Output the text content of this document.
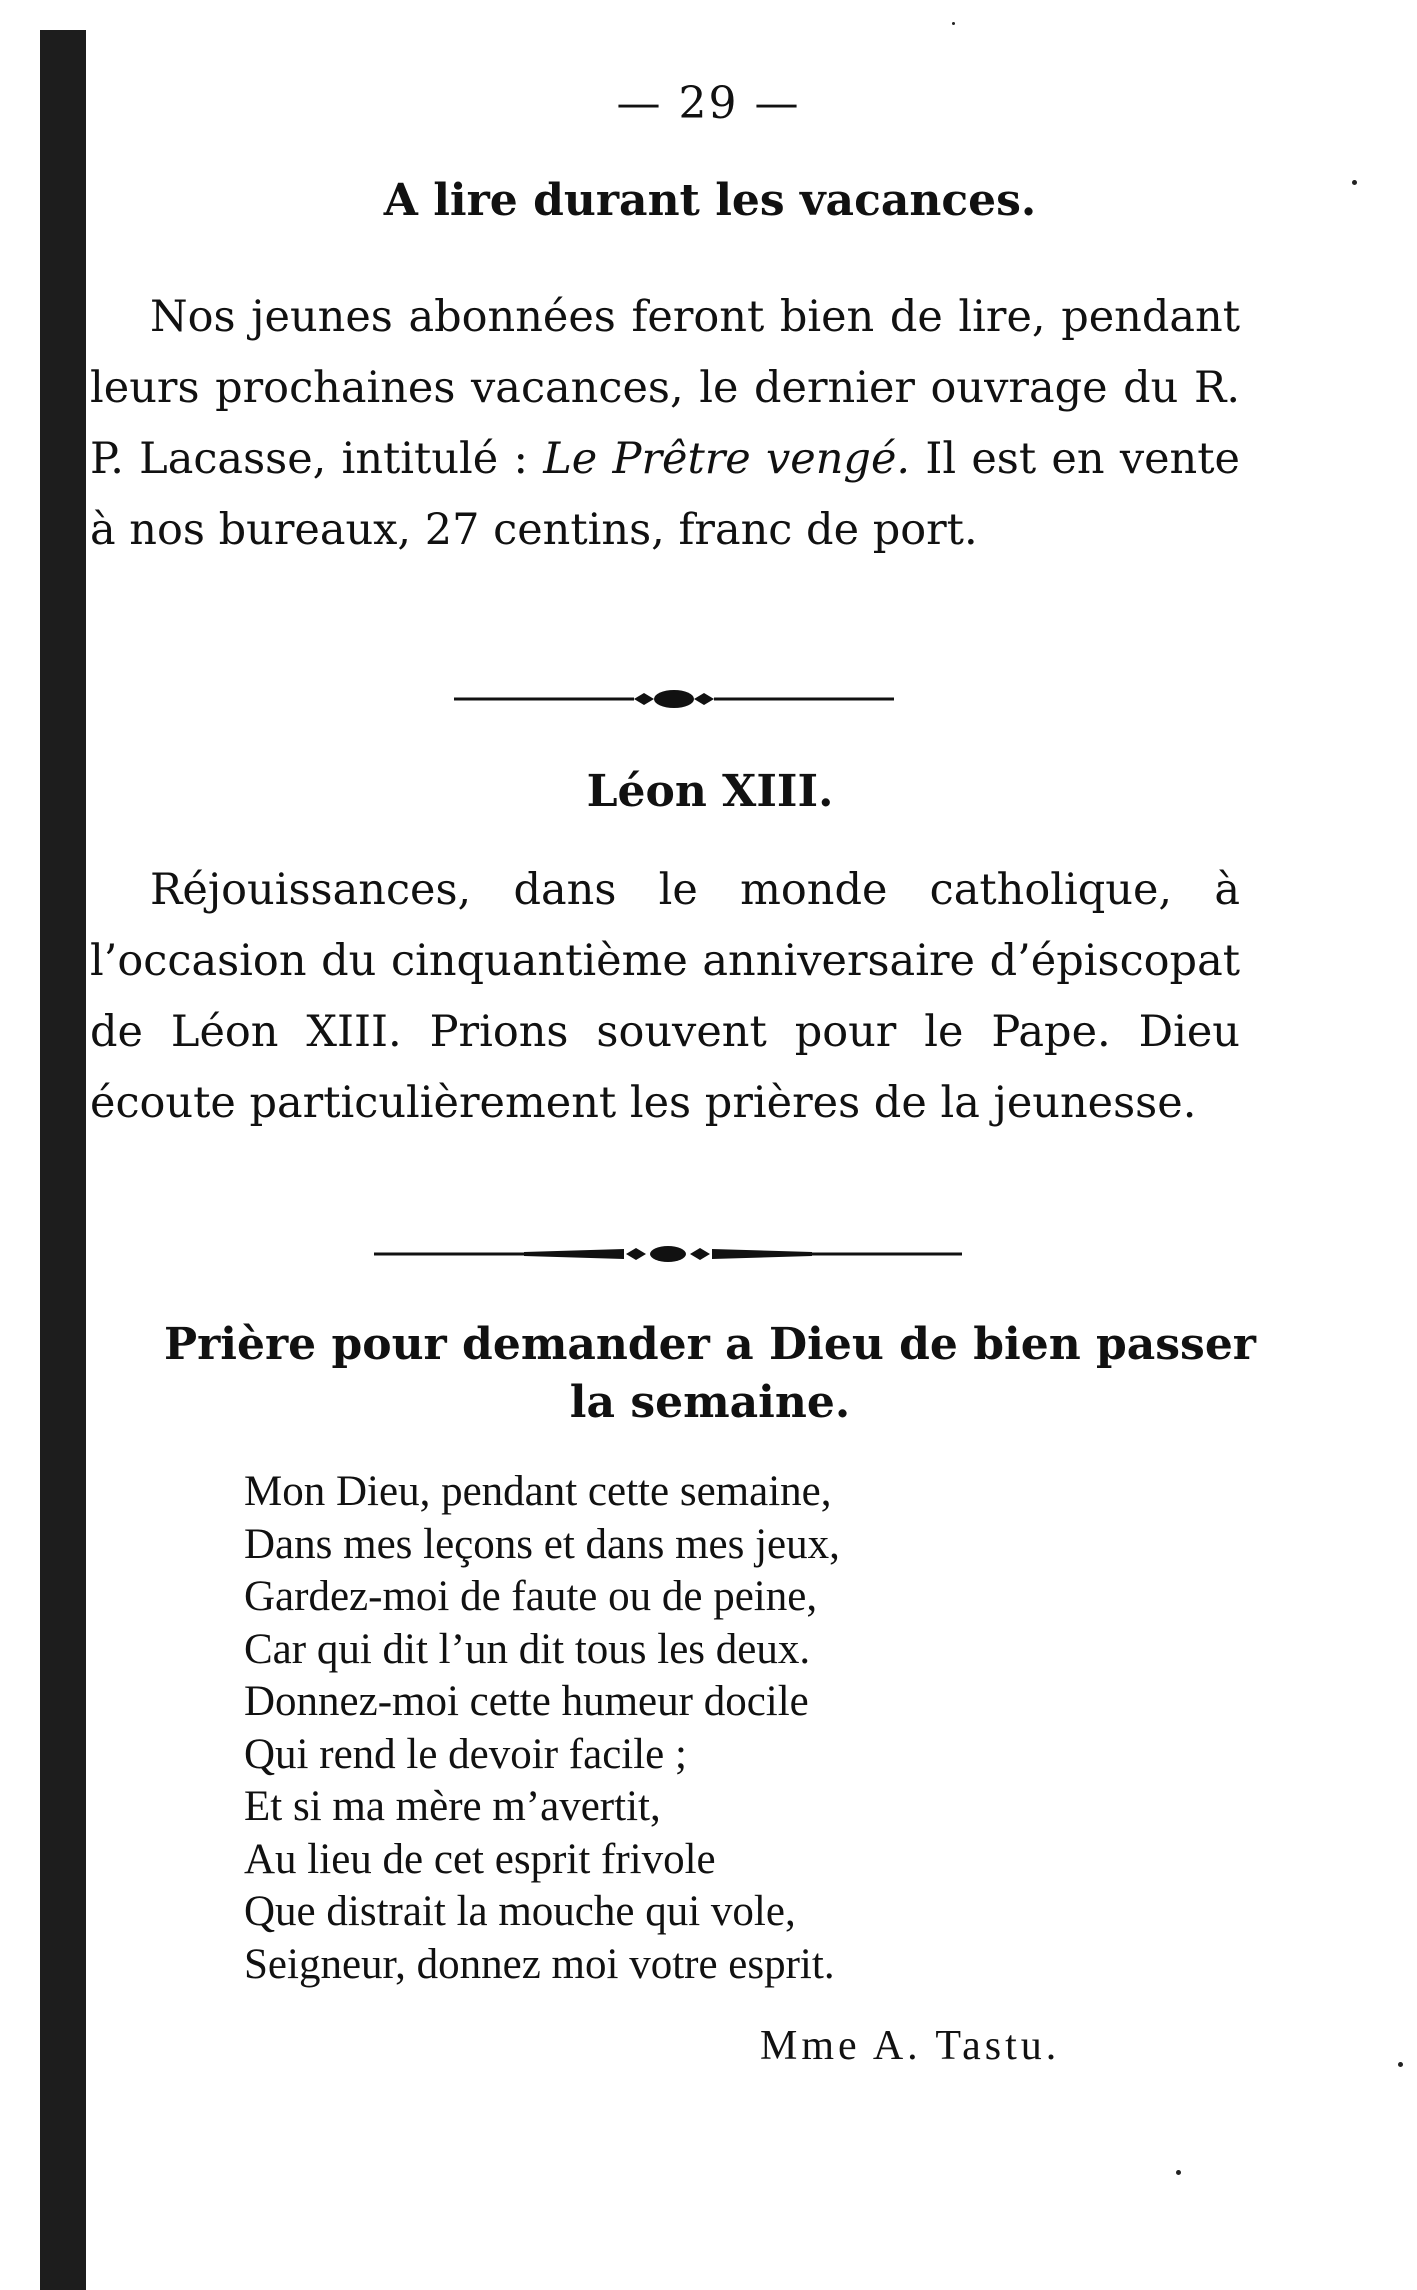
— 29 —
A lire durant les vacances.

Nos jeunes abonnées feront bien de lire, pendant leurs prochaines vacances, le dernier ouvrage du R. P. Lacasse, intitulé : Le Prêtre vengé. Il est en vente à nos bureaux, 27 centins, franc de port.

Léon XIII.

Réjouissances, dans le monde catholique, à l’occasion du cinquantième anniversaire d’épiscopat de Léon XIII. Prions souvent pour le Pape. Dieu écoute particulièrement les prières de la jeunesse.

Prière pour demander a Dieu de bien passer la semaine.
Mon Dieu, pendant cette semaine,
Dans mes leçons et dans mes jeux,
Gardez-moi de faute ou de peine,
Car qui dit l’un dit tous les deux.
Donnez-moi cette humeur docile
Qui rend le devoir facile ;
Et si ma mère m’avertit,
Au lieu de cet esprit frivole
Que distrait la mouche qui vole,
Seigneur, donnez moi votre esprit.
Mme A. Tastu.
